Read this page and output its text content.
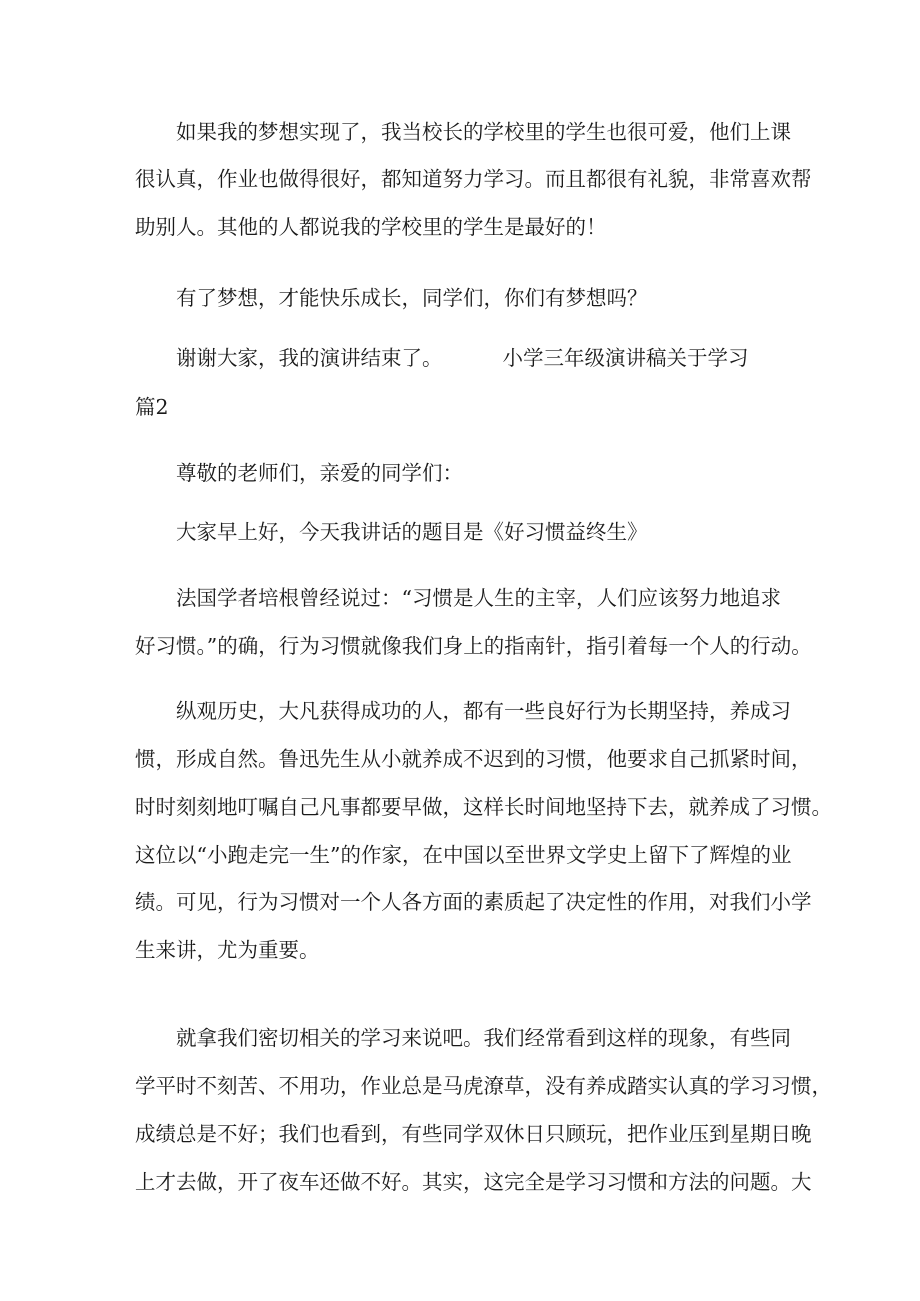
如果我的梦想实现了，我当校长的学校里的学生也很可爱，他们上课
很认真，作业也做得很好，都知道努力学习。而且都很有礼貌，非常喜欢帮
助别人。其他的人都说我的学校里的学生是最好的！
有了梦想，才能快乐成长，同学们，你们有梦想吗？
谢谢大家，我的演讲结束了。	小学三年级演讲稿关于学习
篇2
尊敬的老师们，亲爱的同学们：
大家早上好，今天我讲话的题目是《好习惯益终生》
法国学者培根曾经说过：“习惯是人生的主宰，人们应该努力地追求
好习惯。”的确，行为习惯就像我们身上的指南针，指引着每一个人的行动。
纵观历史，大凡获得成功的人，都有一些良好行为长期坚持，养成习
惯，形成自然。鲁迅先生从小就养成不迟到的习惯，他要求自己抓紧时间，
时时刻刻地叮嘱自己凡事都要早做，这样长时间地坚持下去，就养成了习惯。
这位以“小跑走完一生”的作家，在中国以至世界文学史上留下了辉煌的业
绩。可见，行为习惯对一个人各方面的素质起了决定性的作用，对我们小学
生来讲，尤为重要。
就拿我们密切相关的学习来说吧。我们经常看到这样的现象，有些同
学平时不刻苦、不用功，作业总是马虎潦草，没有养成踏实认真的学习习惯，
成绩总是不好；我们也看到，有些同学双休日只顾玩，把作业压到星期日晚
上才去做，开了夜车还做不好。其实，这完全是学习习惯和方法的问题。大
